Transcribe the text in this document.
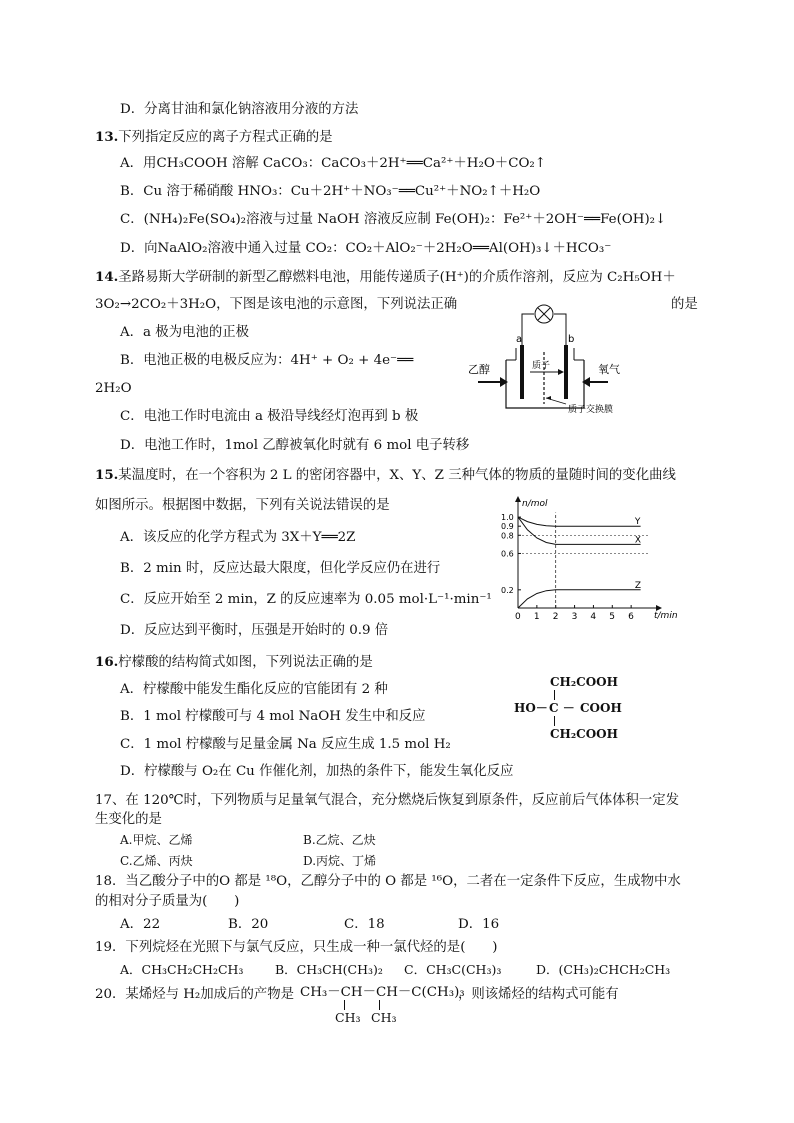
D．分离甘油和氯化钠溶液用分液的方法
13.下列指定反应的离子方程式正确的是
A．用CH₃COOH 溶解 CaCO₃：CaCO₃＋2H⁺══Ca²⁺＋H₂O＋CO₂↑
B．Cu 溶于稀硝酸 HNO₃：Cu＋2H⁺＋NO₃⁻══Cu²⁺＋NO₂↑＋H₂O
C．(NH₄)₂Fe(SO₄)₂溶液与过量 NaOH 溶液反应制 Fe(OH)₂：Fe²⁺＋2OH⁻══Fe(OH)₂↓
D．向NaAlO₂溶液中通入过量 CO₂：CO₂＋AlO₂⁻＋2H₂O══Al(OH)₃↓＋HCO₃⁻
14.圣路易斯大学研制的新型乙醇燃料电池，用能传递质子(H⁺)的介质作溶剂，反应为 C₂H₅OH＋
3O₂→2CO₂＋3H₂O，下图是该电池的示意图，下列说法正确	的是
A．a 极为电池的正极
B．电池正极的电极反应为：4H⁺ + O₂ + 4e⁻══
2H₂O
C．电池工作时电流由 a 极沿导线经灯泡再到 b 极
D．电池工作时，1mol 乙醇被氧化时就有 6 mol 电子转移
a	b
乙醇	氧气
质子
质子交换膜
15.某温度时，在一个容积为 2 L 的密闭容器中，X、Y、Z 三种气体的物质的量随时间的变化曲线
如图所示。根据图中数据，下列有关说法错误的是
A．该反应的化学方程式为 3X＋Y══2Z
B．2 min 时，反应达最大限度，但化学反应仍在进行
C．反应开始至 2 min，Z 的反应速率为 0.05 mol·L⁻¹·min⁻¹
D．反应达到平衡时，压强是开始时的 0.9 倍
t/min
n/mol
0 1 2 3 4 5 6
0.2
0.6
0.8
0.9
1.0	Y
X
Z
16.柠檬酸的结构简式如图，下列说法正确的是
A．柠檬酸中能发生酯化反应的官能团有 2 种
B．1 mol 柠檬酸可与 4 mol NaOH 发生中和反应
C．1 mol 柠檬酸与足量金属 Na 反应生成 1.5 mol H₂
D．柠檬酸与 O₂在 Cu 作催化剂，加热的条件下，能发生氧化反应
CH₂COOH
HO－ C － COOH
CH₂COOH
17、在 120℃时，下列物质与足量氧气混合，充分燃烧后恢复到原条件，反应前后气体体积一定发
生变化的是
A.甲烷、乙烯	B.乙烷、乙炔
C.乙烯、丙炔	D.丙烷、丁烯
18．当乙酸分子中的O 都是 ¹⁸O，乙醇分子中的 O 都是 ¹⁶O，二者在一定条件下反应，生成物中水
的相对分子质量为(　　)
A．22	B．20	C．18	D．16
19．下列烷烃在光照下与氯气反应，只生成一种一氯代烃的是(　　)
A．CH₃CH₂CH₂CH₃	B．CH₃CH(CH₃)₂ C．CH₃C(CH₃)₃	D．(CH₃)₂CHCH₂CH₃
20．某烯烃与 H₂加成后的产物是 CH₃－CH－CH－C(CH₃)₃
，则该烯烃的结构式可能有
CH₃ CH₃
